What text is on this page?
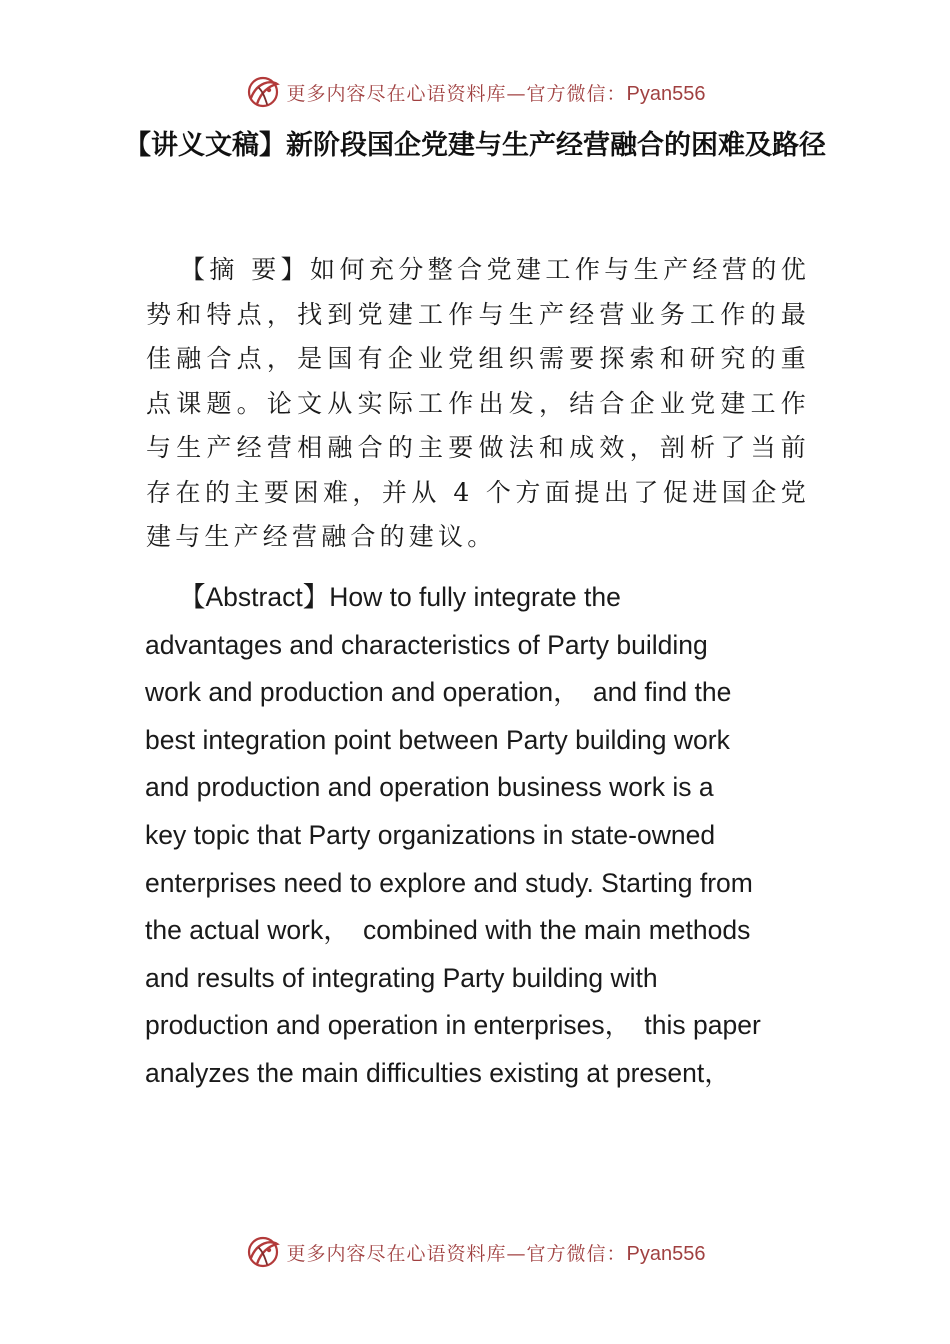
更多内容尽在心语资料库—官方微信：Pyan556
【讲义文稿】新阶段国企党建与生产经营融合的困难及路径

【摘 要】如何充分整合党建工作与生产经营的优势和特点，找到党建工作与生产经营业务工作的最佳融合点，是国有企业党组织需要探索和研究的重点课题。论文从实际工作出发，结合企业党建工作与生产经营相融合的主要做法和成效，剖析了当前存在的主要困难，并从 4 个方面提出了促进国企党建与生产经营融合的建议。

【Abstract】How to fully integrate the
advantages and characteristics of Party building
work and production and operation，　and find the
best integration point between Party building work
and production and operation business work is a
key topic that Party organizations in state-owned
enterprises need to explore and study. Starting from
the actual work，　combined with the main methods
and results of integrating Party building with
production and operation in enterprises，　this paper
analyzes the main difficulties existing at present，
更多内容尽在心语资料库—官方微信：Pyan556
